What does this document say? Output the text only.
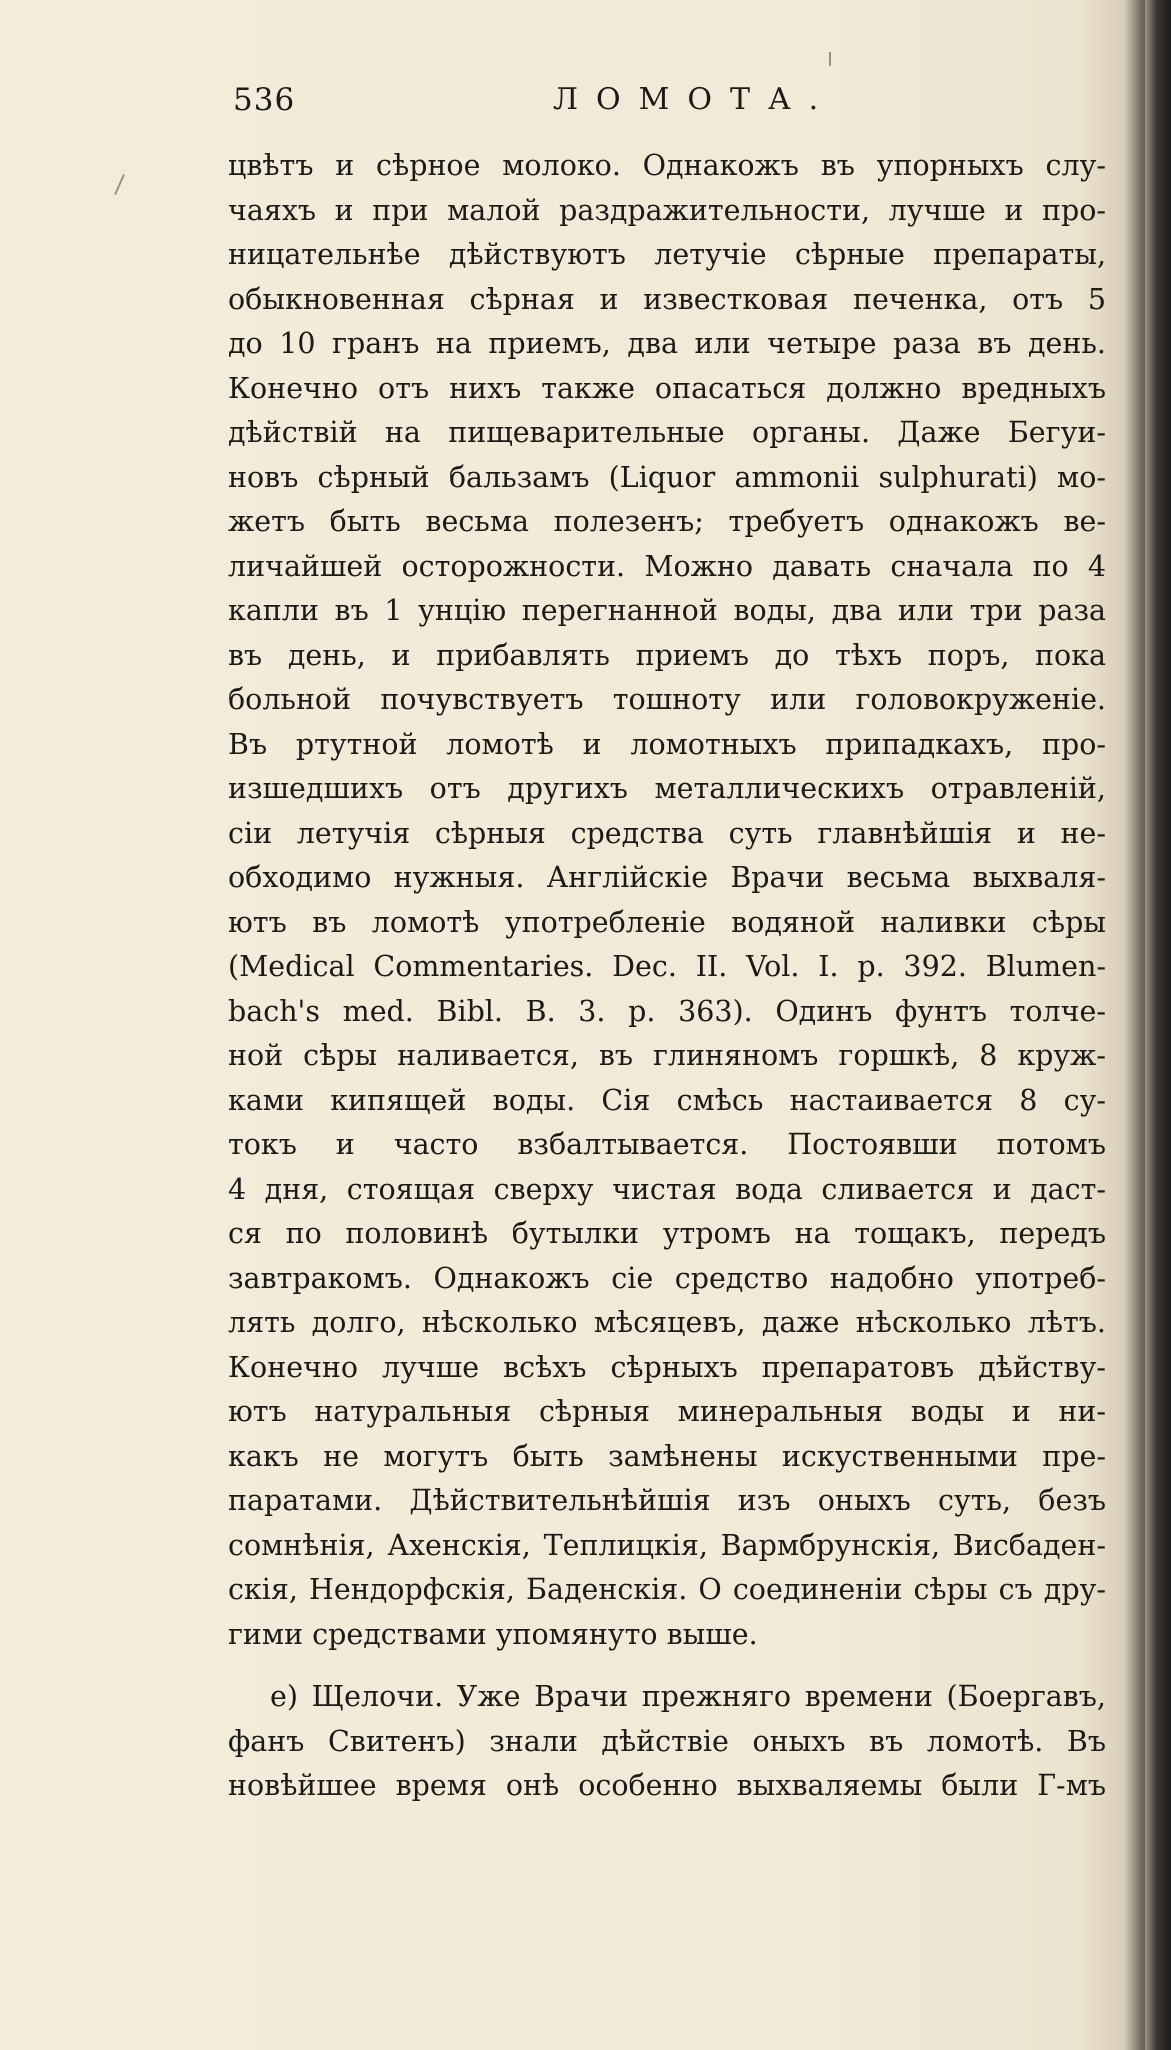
536	ЛОМОТА.
цвѣтъ и сѣрное молоко. Однакожъ въ упорныхъ слу-
чаяхъ и при малой раздражительности, лучше и про-
ницательнѣе дѣйствуютъ летучіе сѣрные препараты,
обыкновенная сѣрная и известковая печенка, отъ 5
до 10 гранъ на приемъ, два или четыре раза въ день.
Конечно отъ нихъ также опасаться должно вредныхъ
дѣйствій на пищеварительные органы. Даже Бегуи-
новъ сѣрный бальзамъ (Liquor ammonii sulphurati) мо-
жетъ быть весьма полезенъ; требуетъ однакожъ ве-
личайшей осторожности. Можно давать сначала по 4
капли въ 1 унцію перегнанной воды, два или три раза
въ день, и прибавлять приемъ до тѣхъ поръ, пока
больной почувствуетъ тошноту или головокруженіе.
Въ ртутной ломотѣ и ломотныхъ припадкахъ, про-
изшедшихъ отъ другихъ металлическихъ отравленій,
сіи летучія сѣрныя средства суть главнѣйшія и не-
обходимо нужныя. Англійскіе Врачи весьма выхваля-
ютъ въ ломотѣ употребленіе водяной наливки сѣры
(Medical Commentaries. Dec. II. Vol. I. p. 392. Blumen-
bach's med. Bibl. B. 3. p. 363). Одинъ фунтъ толче-
ной сѣры наливается, въ глиняномъ горшкѣ, 8 круж-
ками кипящей воды. Сія смѣсь настаивается 8 су-
токъ и часто взбалтывается. Постоявши потомъ
4 дня, стоящая сверху чистая вода сливается и даст-
ся по половинѣ бутылки утромъ на тощакъ, передъ
завтракомъ. Однакожъ сіе средство надобно употреб-
лять долго, нѣсколько мѣсяцевъ, даже нѣсколько лѣтъ.
Конечно лучше всѣхъ сѣрныхъ препаратовъ дѣйству-
ютъ натуральныя сѣрныя минеральныя воды и ни-
какъ не могутъ быть замѣнены искуственными пре-
паратами. Дѣйствительнѣйшія изъ оныхъ суть, безъ
сомнѣнія, Ахенскія, Теплицкія, Вармбрунскія, Висбаден-
скія, Нендорфскія, Баденскія. О соединеніи сѣры съ дру-
гими средствами упомянуто выше.
е) Щелочи. Уже Врачи прежняго времени (Боергавъ,
фанъ Свитенъ) знали дѣйствіе оныхъ въ ломотѣ. Въ
новѣйшее время онѣ особенно выхваляемы были Г-мъ
